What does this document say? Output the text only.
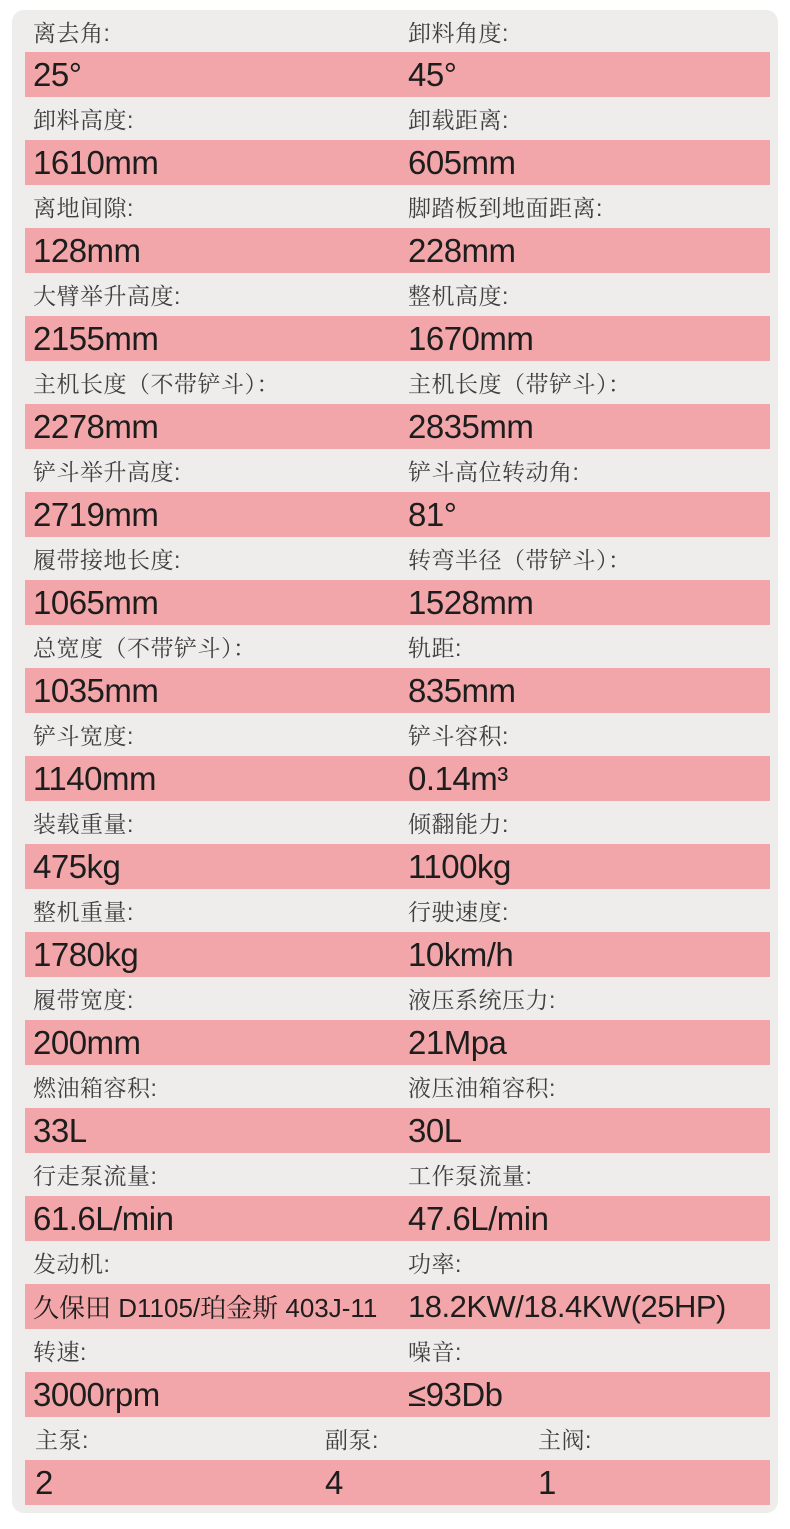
离去角:	卸料角度:
25°	45°
卸料高度:	卸载距离:
1610mm	605mm
离地间隙:	脚踏板到地面距离:
128mm	228mm
大臂举升高度:	整机高度:
2155mm	1670mm
主机长度（不带铲斗）：	主机长度（带铲斗）：
2278mm	2835mm
铲斗举升高度:	铲斗高位转动角:
2719mm	81°
履带接地长度:	转弯半径（带铲斗）：
1065mm	1528mm
总宽度（不带铲斗）：	轨距:
1035mm	835mm
铲斗宽度:	铲斗容积:
1140mm	0.14m³
装载重量:	倾翻能力:
475kg	1100kg
整机重量:	行驶速度:
1780kg	10km/h
履带宽度:	液压系统压力:
200mm	21Mpa
燃油箱容积:	液压油箱容积:
33L	30L
行走泵流量:	工作泵流量:
61.6L/min	47.6L/min
发动机:	功率:
久保田 D1105/珀金斯 403J-11 18.2KW/18.4KW(25HP)
转速:	噪音:
3000rpm	≤93Db
主泵:	副泵:	主阀:
2	4	1
